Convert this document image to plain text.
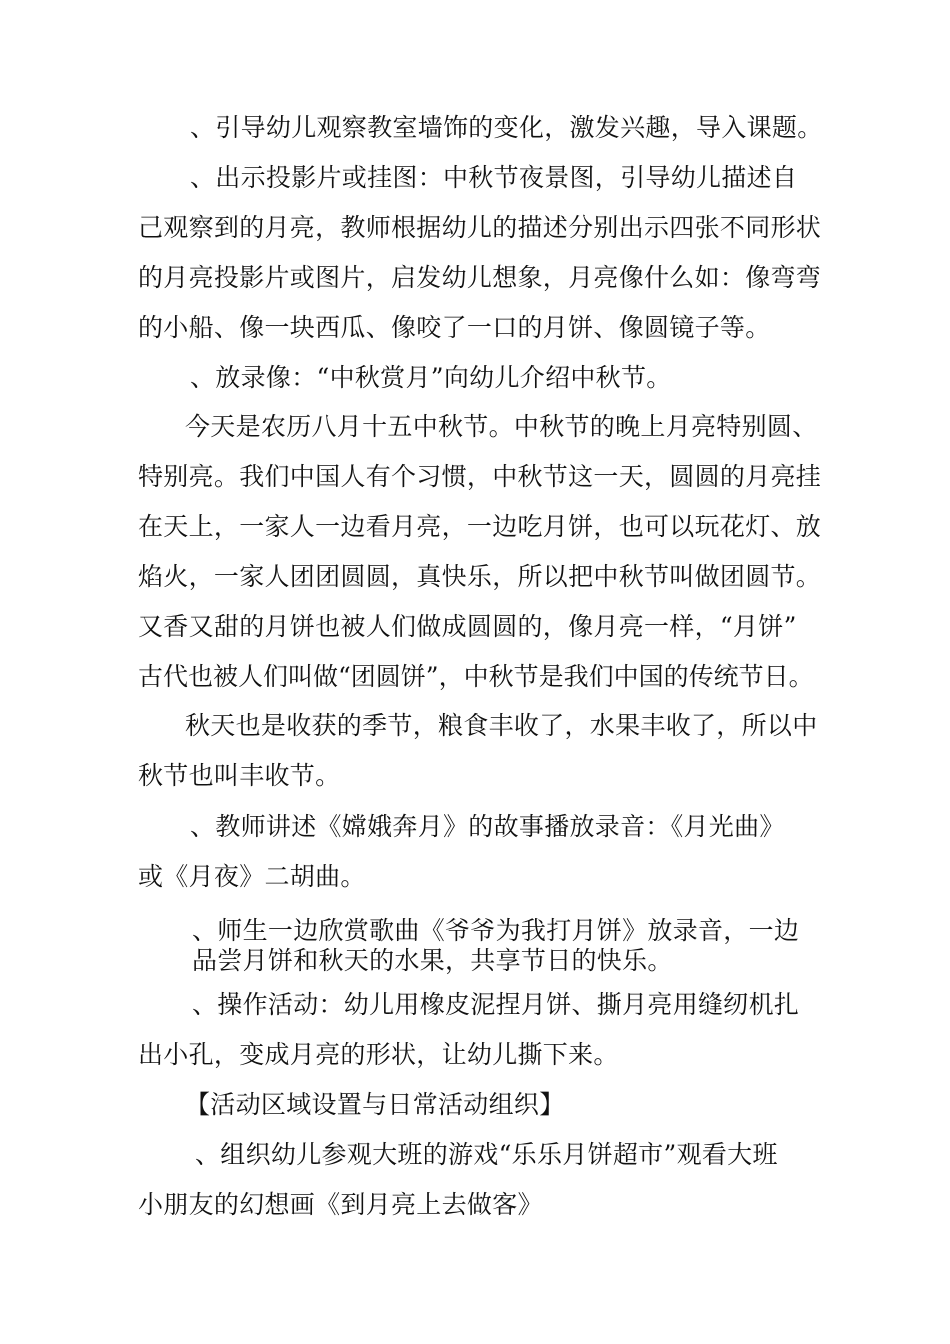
、引导幼儿观察教室墙饰的变化，激发兴趣，导入课题。
、出示投影片或挂图：中秋节夜景图，引导幼儿描述自
己观察到的月亮，教师根据幼儿的描述分别出示四张不同形状
的月亮投影片或图片，启发幼儿想象，月亮像什么如：像弯弯
的小船、像一块西瓜、像咬了一口的月饼、像圆镜子等。
、放录像：“中秋赏月”向幼儿介绍中秋节。
今天是农历八月十五中秋节。中秋节的晚上月亮特别圆、
特别亮。我们中国人有个习惯，中秋节这一天，圆圆的月亮挂
在天上，一家人一边看月亮，一边吃月饼，也可以玩花灯、放
焰火，一家人团团圆圆，真快乐，所以把中秋节叫做团圆节。
又香又甜的月饼也被人们做成圆圆的，像月亮一样，“月饼”
古代也被人们叫做“团圆饼”，中秋节是我们中国的传统节日。
秋天也是收获的季节，粮食丰收了，水果丰收了，所以中
秋节也叫丰收节。
、教师讲述《嫦娥奔月》的故事播放录音：《月光曲》
或《月夜》二胡曲。
、师生一边欣赏歌曲《爷爷为我打月饼》放录音，一边
品尝月饼和秋天的水果，共享节日的快乐。
、操作活动：幼儿用橡皮泥捏月饼、撕月亮用缝纫机扎
出小孔，变成月亮的形状，让幼儿撕下来。
【活动区域设置与日常活动组织】
、组织幼儿参观大班的游戏“乐乐月饼超市”观看大班
小朋友的幻想画《到月亮上去做客》
